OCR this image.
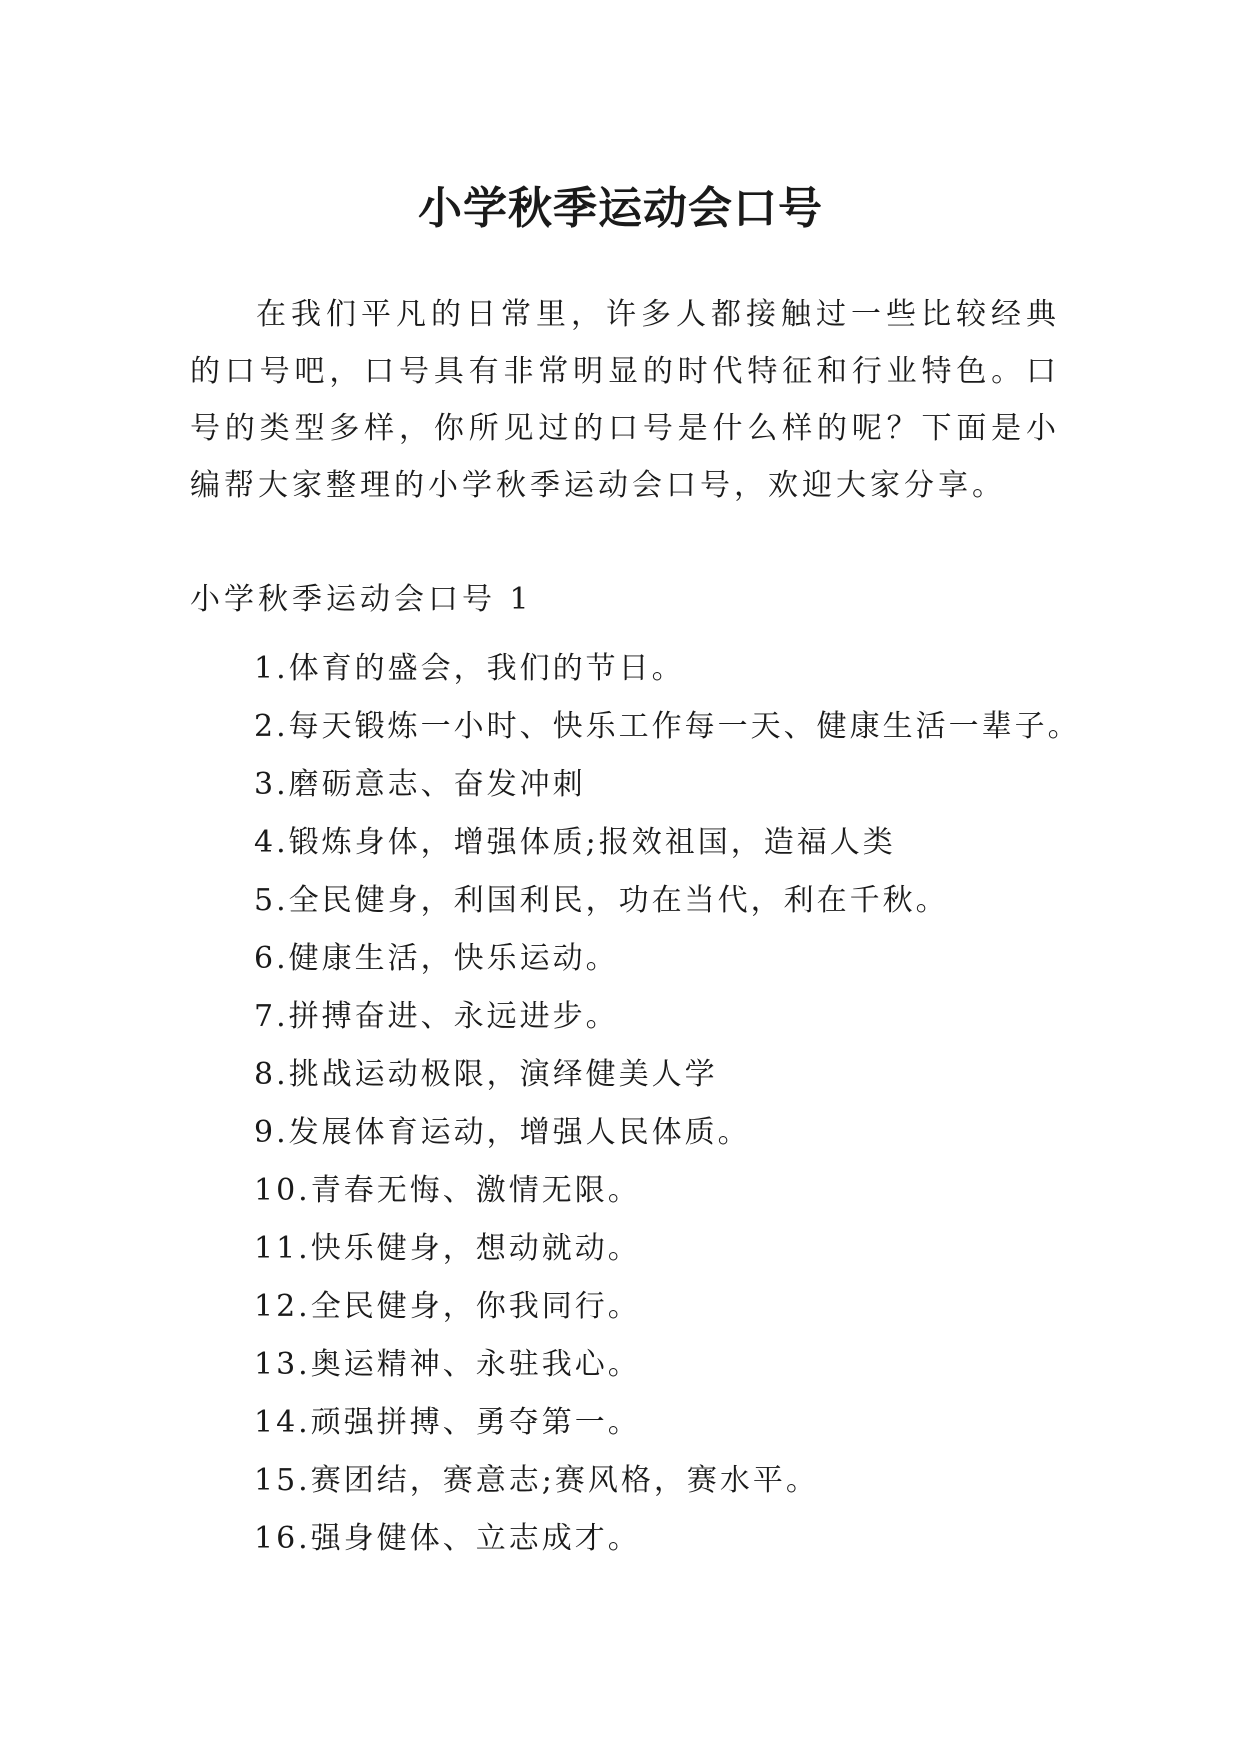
小学秋季运动会口号

在我们平凡的日常里，许多人都接触过一些比较经典的口号吧，口号具有非常明显的时代特征和行业特色。口号的类型多样，你所见过的口号是什么样的呢？下面是小编帮大家整理的小学秋季运动会口号，欢迎大家分享。

小学秋季运动会口号 1
1.体育的盛会，我们的节日。
2.每天锻炼一小时、快乐工作每一天、健康生活一辈子。
3.磨砺意志、奋发冲刺
4.锻炼身体，增强体质;报效祖国，造福人类
5.全民健身，利国利民，功在当代，利在千秋。
6.健康生活，快乐运动。
7.拼搏奋进、永远进步。
8.挑战运动极限，演绎健美人学
9.发展体育运动，增强人民体质。
10.青春无悔、激情无限。
11.快乐健身，想动就动。
12.全民健身，你我同行。
13.奥运精神、永驻我心。
14.顽强拼搏、勇夺第一。
15.赛团结，赛意志;赛风格，赛水平。
16.强身健体、立志成才。
